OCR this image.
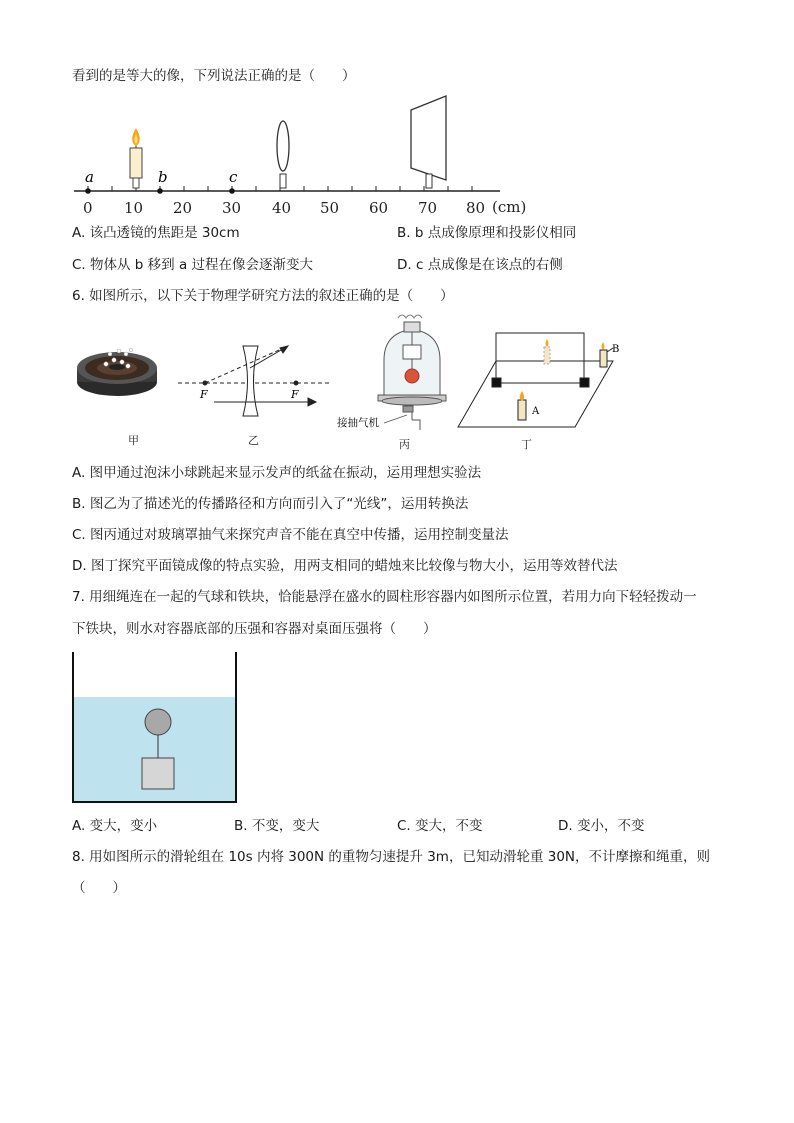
看到的是等大的像，下列说法正确的是（　　）
a	b	c
0 10 20 30 40 50 60 70 80 (cm)
A. 该凸透镜的焦距是 30cm	B. b 点成像原理和投影仪相同
C. 物体从 b 移到 a 过程在像会逐渐变大	D. c 点成像是在该点的右侧
6. 如图所示，以下关于物理学研究方法的叙述正确的是（　　）
F	F
接抽气机
B
A
甲	乙	丙	丁
A. 图甲通过泡沫小球跳起来显示发声的纸盆在振动，运用理想实验法
B. 图乙为了描述光的传播路径和方向而引入了“光线”，运用转换法
C. 图丙通过对玻璃罩抽气来探究声音不能在真空中传播，运用控制变量法
D. 图丁探究平面镜成像的特点实验，用两支相同的蜡烛来比较像与物大小，运用等效替代法
7. 用细绳连在一起的气球和铁块，恰能悬浮在盛水的圆柱形容器内如图所示位置，若用力向下轻轻拨动一
下铁块，则水对容器底部的压强和容器对桌面压强将（　　）
A. 变大，变小	B. 不变，变大	C. 变大，不变	D. 变小，不变
8. 用如图所示的滑轮组在 10s 内将 300N 的重物匀速提升 3m，已知动滑轮重 30N，不计摩擦和绳重，则
（　　）
